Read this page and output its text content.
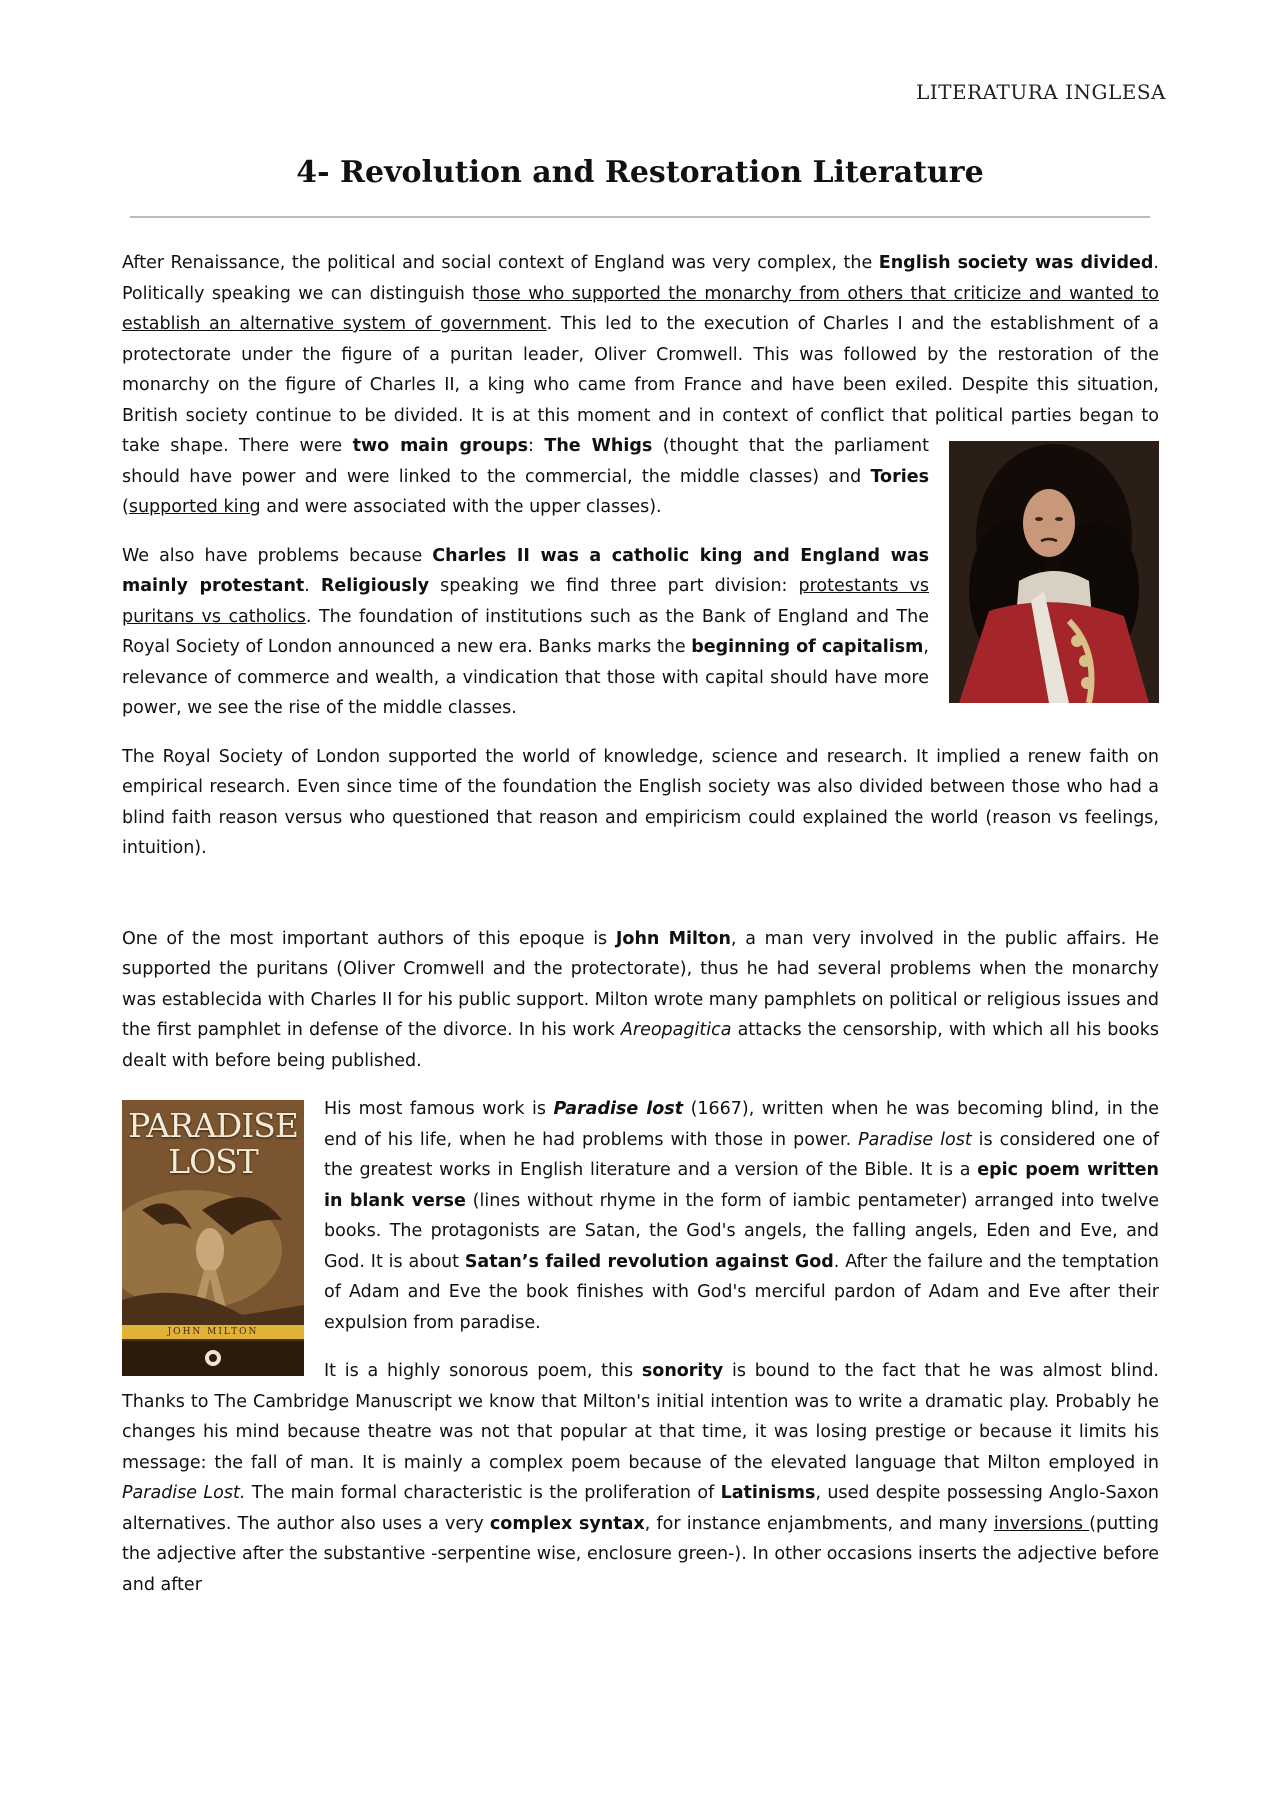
LITERATURA INGLESA
4- Revolution and Restoration Literature

After Renaissance, the political and social context of England was very complex, the English society was divided. Politically speaking we can distinguish those who supported the monarchy from others that criticize and wanted to establish an alternative system of government. This led to the execution of Charles I and the establishment of a protectorate under the figure of a puritan leader, Oliver Cromwell. This was followed by the restoration of the monarchy on the figure of Charles II, a king who came from France and have been exiled. Despite this situation, British society continue to be divided. It is at this moment and in context of conflict that political parties began to take shape. There were two main groups: The Whigs
(thought that the parliament should have power and were linked to the commercial, the middle classes) and Tories (supported king and were associated with the upper classes).

We also have problems because Charles II was a catholic king and England was mainly protestant. Religiously speaking we find three part division: protestants vs puritans vs catholics. The foundation of institutions such as the Bank of England and The Royal Society of London announced a new era. Banks marks the beginning of capitalism, relevance of commerce and wealth, a vindication that those with capital should have more power, we see the rise of the middle classes.

The Royal Society of London supported the world of knowledge, science and research. It implied a renew faith on empirical research. Even since time of the foundation the English society was also divided between those who had a blind faith reason versus who questioned that reason and empiricism could explained the world (reason vs feelings, intuition).

One of the most important authors of this epoque is John Milton, a man very involved in the public affairs. He supported the puritans (Oliver Cromwell and the protectorate), thus he had several problems when the monarchy was establecida with Charles II for his public support. Milton wrote many pamphlets on political or religious issues and the first pamphlet in defense of the divorce. In his work Areopagitica attacks the censorship, with which all his books dealt with before being published.

PARADISE
LOST
JOHN MILTON

His most famous work is Paradise lost (1667), written when he was becoming blind, in the end of his life, when he had problems with those in power. Paradise lost is considered one of the greatest works in English literature and a version of the Bible. It is a epic poem written in blank verse (lines without rhyme in the form of iambic pentameter) arranged into twelve books. The protagonists are Satan, the God's angels, the falling angels, Eden and Eve, and God. It is about Satan’s failed revolution against God. After the failure and the temptation of Adam and Eve the book finishes with God's merciful pardon of Adam and Eve after their expulsion from paradise.

It is a highly sonorous poem, this sonority is bound to the fact that he was almost blind. Thanks to The Cambridge Manuscript we know that Milton's initial intention was to write a dramatic play. Probably he changes his mind because theatre was not that popular at that time, it was losing prestige or because it limits his message: the fall of man. It is mainly a complex poem because of the elevated language that Milton employed in Paradise Lost. The main formal characteristic is the proliferation of Latinisms, used despite possessing Anglo-Saxon alternatives. The author also uses a very complex syntax, for instance enjambments, and many inversions (putting the adjective after the substantive -serpentine wise, enclosure green-). In other occasions inserts the adjective before and after
